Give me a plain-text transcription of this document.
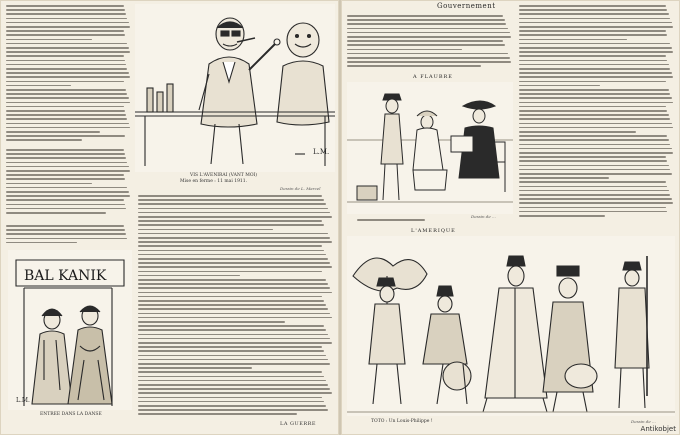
L.M.
VIS L'AVENIRAI (VANT MOI)
Mise en ferme : 11 mai 1911.
Dessin de L. Marcel
BAL KANIK
L.M.
ENTREE DANS LA DANSE
LA GUERRE
Gouvernement
A FLAUBRE
Dessin de ...
L'AMERIQUE
TOTO : Un Louis-Philippe !	Dessin de ...
Antikobjet
